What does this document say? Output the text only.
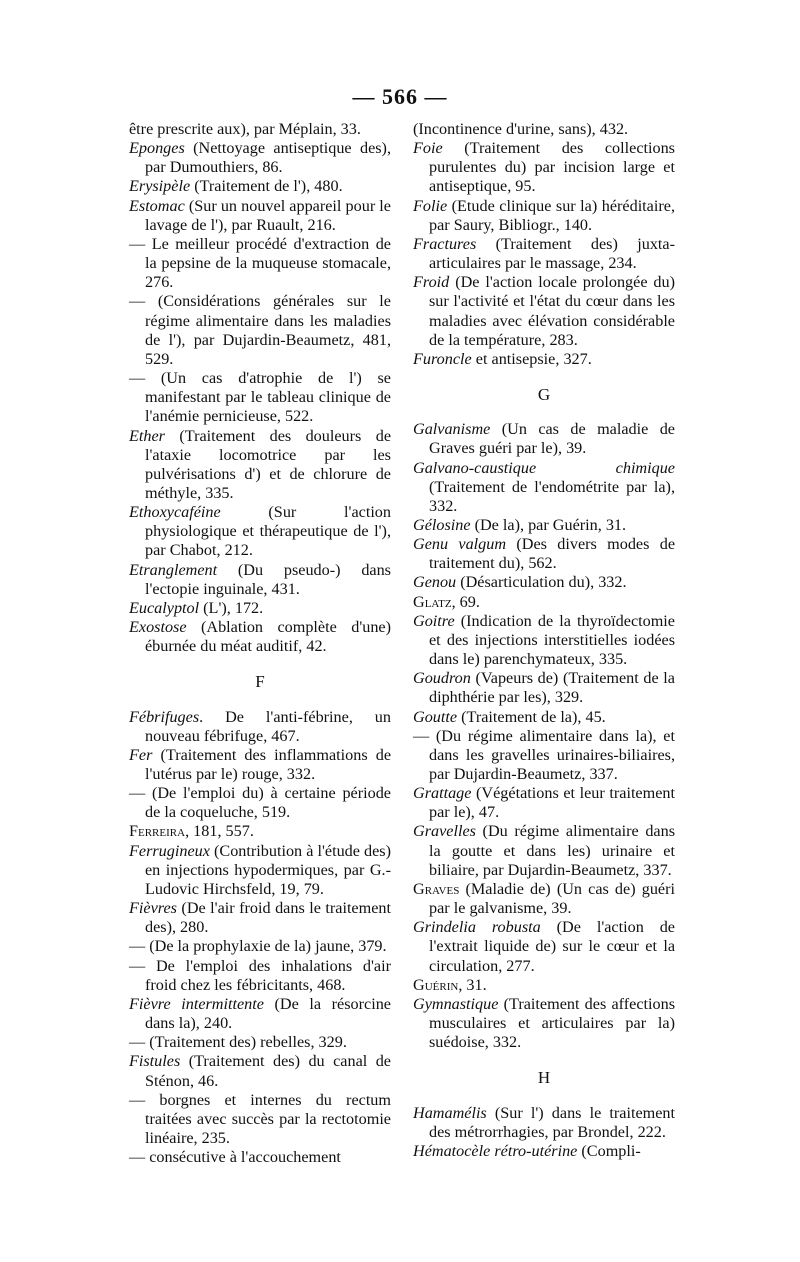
— 566 —

être prescrite aux), par Méplain, 33.

Eponges (Nettoyage antiseptique des), par Dumouthiers, 86.

Erysipèle (Traitement de l'), 480.

Estomac (Sur un nouvel appareil pour le lavage de l'), par Ruault, 216.

— Le meilleur procédé d'extraction de la pepsine de la muqueuse stomacale, 276.

— (Considérations générales sur le régime alimentaire dans les maladies de l'), par Dujardin-Beaumetz, 481, 529.

— (Un cas d'atrophie de l') se manifestant par le tableau clinique de l'anémie pernicieuse, 522.

Ether (Traitement des douleurs de l'ataxie locomotrice par les pulvérisations d') et de chlorure de méthyle, 335.

Ethoxycaféine (Sur l'action physiologique et thérapeutique de l'), par Chabot, 212.

Etranglement (Du pseudo-) dans l'ectopie inguinale, 431.

Eucalyptol (L'), 172.

Exostose (Ablation complète d'une) éburnée du méat auditif, 42.

F

Fébrifuges. De l'anti-fébrine, un nouveau fébrifuge, 467.

Fer (Traitement des inflammations de l'utérus par le) rouge, 332.

— (De l'emploi du) à certaine période de la coqueluche, 519.

Ferreira, 181, 557.

Ferrugineux (Contribution à l'étude des) en injections hypodermiques, par G.-Ludovic Hirchsfeld, 19, 79.

Fièvres (De l'air froid dans le traitement des), 280.

— (De la prophylaxie de la) jaune, 379.

— De l'emploi des inhalations d'air froid chez les fébricitants, 468.

Fièvre intermittente (De la résorcine dans la), 240.

— (Traitement des) rebelles, 329.

Fistules (Traitement des) du canal de Sténon, 46.

— borgnes et internes du rectum traitées avec succès par la rectotomie linéaire, 235.

— consécutive à l'accouchement

(Incontinence d'urine, sans), 432.

Foie (Traitement des collections purulentes du) par incision large et antiseptique, 95.

Folie (Etude clinique sur la) héréditaire, par Saury, Bibliogr., 140.

Fractures (Traitement des) juxta-articulaires par le massage, 234.

Froid (De l'action locale prolongée du) sur l'activité et l'état du cœur dans les maladies avec élévation considérable de la température, 283.

Furoncle et antisepsie, 327.

G

Galvanisme (Un cas de maladie de Graves guéri par le), 39.

Galvano-caustique chimique (Traitement de l'endométrite par la), 332.

Gélosine (De la), par Guérin, 31.

Genu valgum (Des divers modes de traitement du), 562.

Genou (Désarticulation du), 332.

Glatz, 69.

Goitre (Indication de la thyroïdectomie et des injections interstitielles iodées dans le) parenchymateux, 335.

Goudron (Vapeurs de) (Traitement de la diphthérie par les), 329.

Goutte (Traitement de la), 45.

— (Du régime alimentaire dans la), et dans les gravelles urinaires-biliaires, par Dujardin-Beaumetz, 337.

Grattage (Végétations et leur traitement par le), 47.

Gravelles (Du régime alimentaire dans la goutte et dans les) urinaire et biliaire, par Dujardin-Beaumetz, 337.

Graves (Maladie de) (Un cas de) guéri par le galvanisme, 39.

Grindelia robusta (De l'action de l'extrait liquide de) sur le cœur et la circulation, 277.

Guérin, 31.

Gymnastique (Traitement des affections musculaires et articulaires par la) suédoise, 332.

H

Hamamélis (Sur l') dans le traitement des métrorrhagies, par Brondel, 222.

Hématocèle rétro-utérine (Compli-
